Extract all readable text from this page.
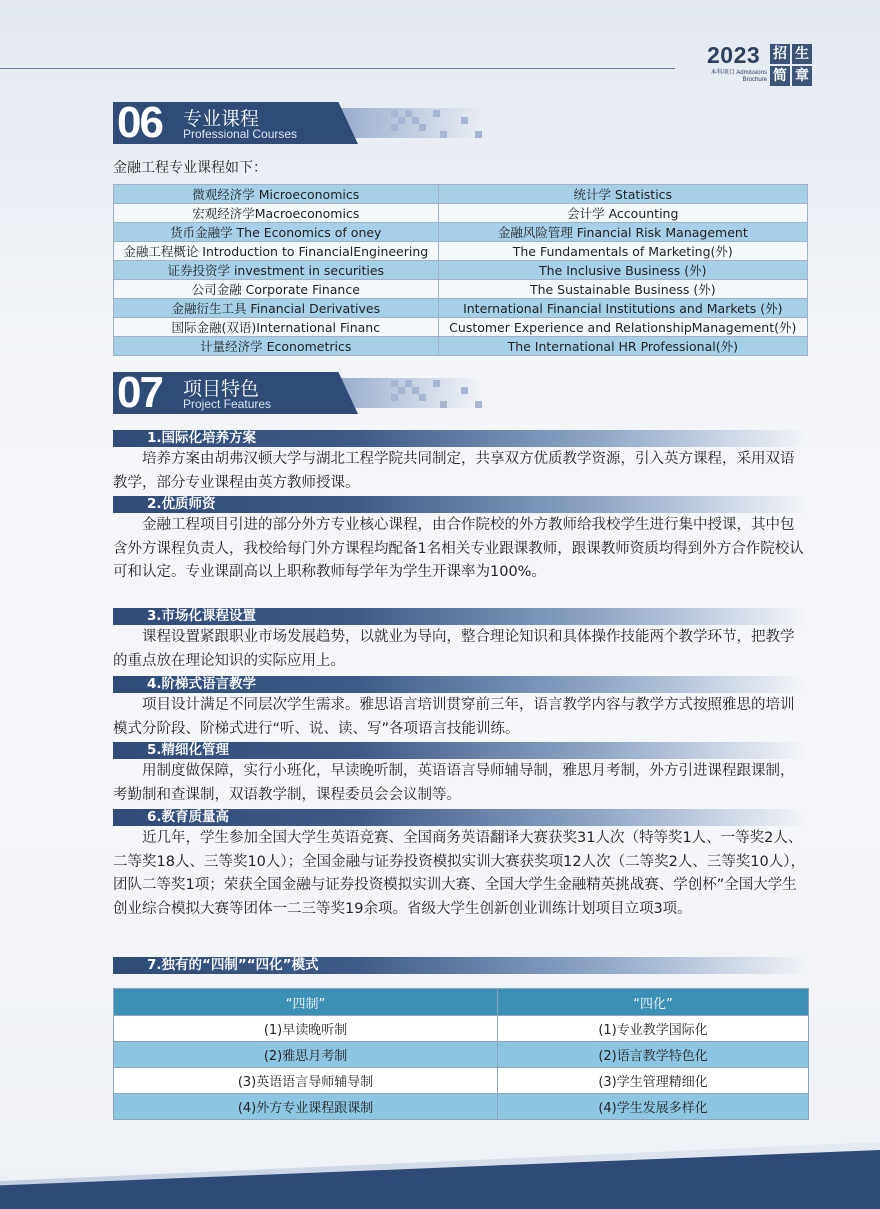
2023 招 生
简 章
本科项目 Admissions
Brochure
06 专业课程
Professional Courses
金融工程专业课程如下：
微观经济学 Microeconomics	统计学 Statistics
宏观经济学Macroeconomics	会计学 Accounting
货币金融学 The Economics of oney	金融风险管理 Financial Risk Management
金融工程概论 Introduction to FinancialEngineering	The Fundamentals of Marketing(外)
证券投资学 investment in securities	The Inclusive Business (外)
公司金融 Corporate Finance	The Sustainable Business (外)
金融衍生工具 Financial Derivatives	International Financial Institutions and Markets (外)
国际金融(双语)International Financ	Customer Experience and RelationshipManagement(外)
计量经济学 Econometrics	The International HR Professional(外)
07 项目特色
Project Features
1.国际化培养方案
培养方案由胡弗汉顿大学与湖北工程学院共同制定，共享双方优质教学资源，引入英方课程，采用双语教学，部分专业课程由英方教师授课。
2.优质师资
金融工程项目引进的部分外方专业核心课程，由合作院校的外方教师给我校学生进行集中授课，其中包含外方课程负责人，我校给每门外方课程均配备1名相关专业跟课教师，跟课教师资质均得到外方合作院校认可和认定。专业课副高以上职称教师每学年为学生开课率为100%。
3.市场化课程设置
课程设置紧跟职业市场发展趋势，以就业为导向，整合理论知识和具体操作技能两个教学环节，把教学的重点放在理论知识的实际应用上。
4.阶梯式语言教学
项目设计满足不同层次学生需求。雅思语言培训贯穿前三年，语言教学内容与教学方式按照雅思的培训模式分阶段、阶梯式进行“听、说、读、写”各项语言技能训练。
5.精细化管理
用制度做保障，实行小班化，早读晚听制，英语语言导师辅导制，雅思月考制，外方引进课程跟课制，考勤制和查课制，双语教学制，课程委员会会议制等。
6.教育质量高
近几年，学生参加全国大学生英语竞赛、全国商务英语翻译大赛获奖31人次（特等奖1人、一等奖2人、二等奖18人、三等奖10人）；全国金融与证券投资模拟实训大赛获奖项12人次（二等奖2人、三等奖10人），团队二等奖1项；荣获全国金融与证券投资模拟实训大赛、全国大学生金融精英挑战赛、学创杯”全国大学生创业综合模拟大赛等团体一二三等奖19余项。省级大学生创新创业训练计划项目立项3项。
7.独有的“四制”“四化”模式
“四制”	“四化”
(1)早读晚听制	(1)专业教学国际化
(2)雅思月考制	(2)语言教学特色化
(3)英语语言导师辅导制	(3)学生管理精细化
(4)外方专业课程跟课制	(4)学生发展多样化
